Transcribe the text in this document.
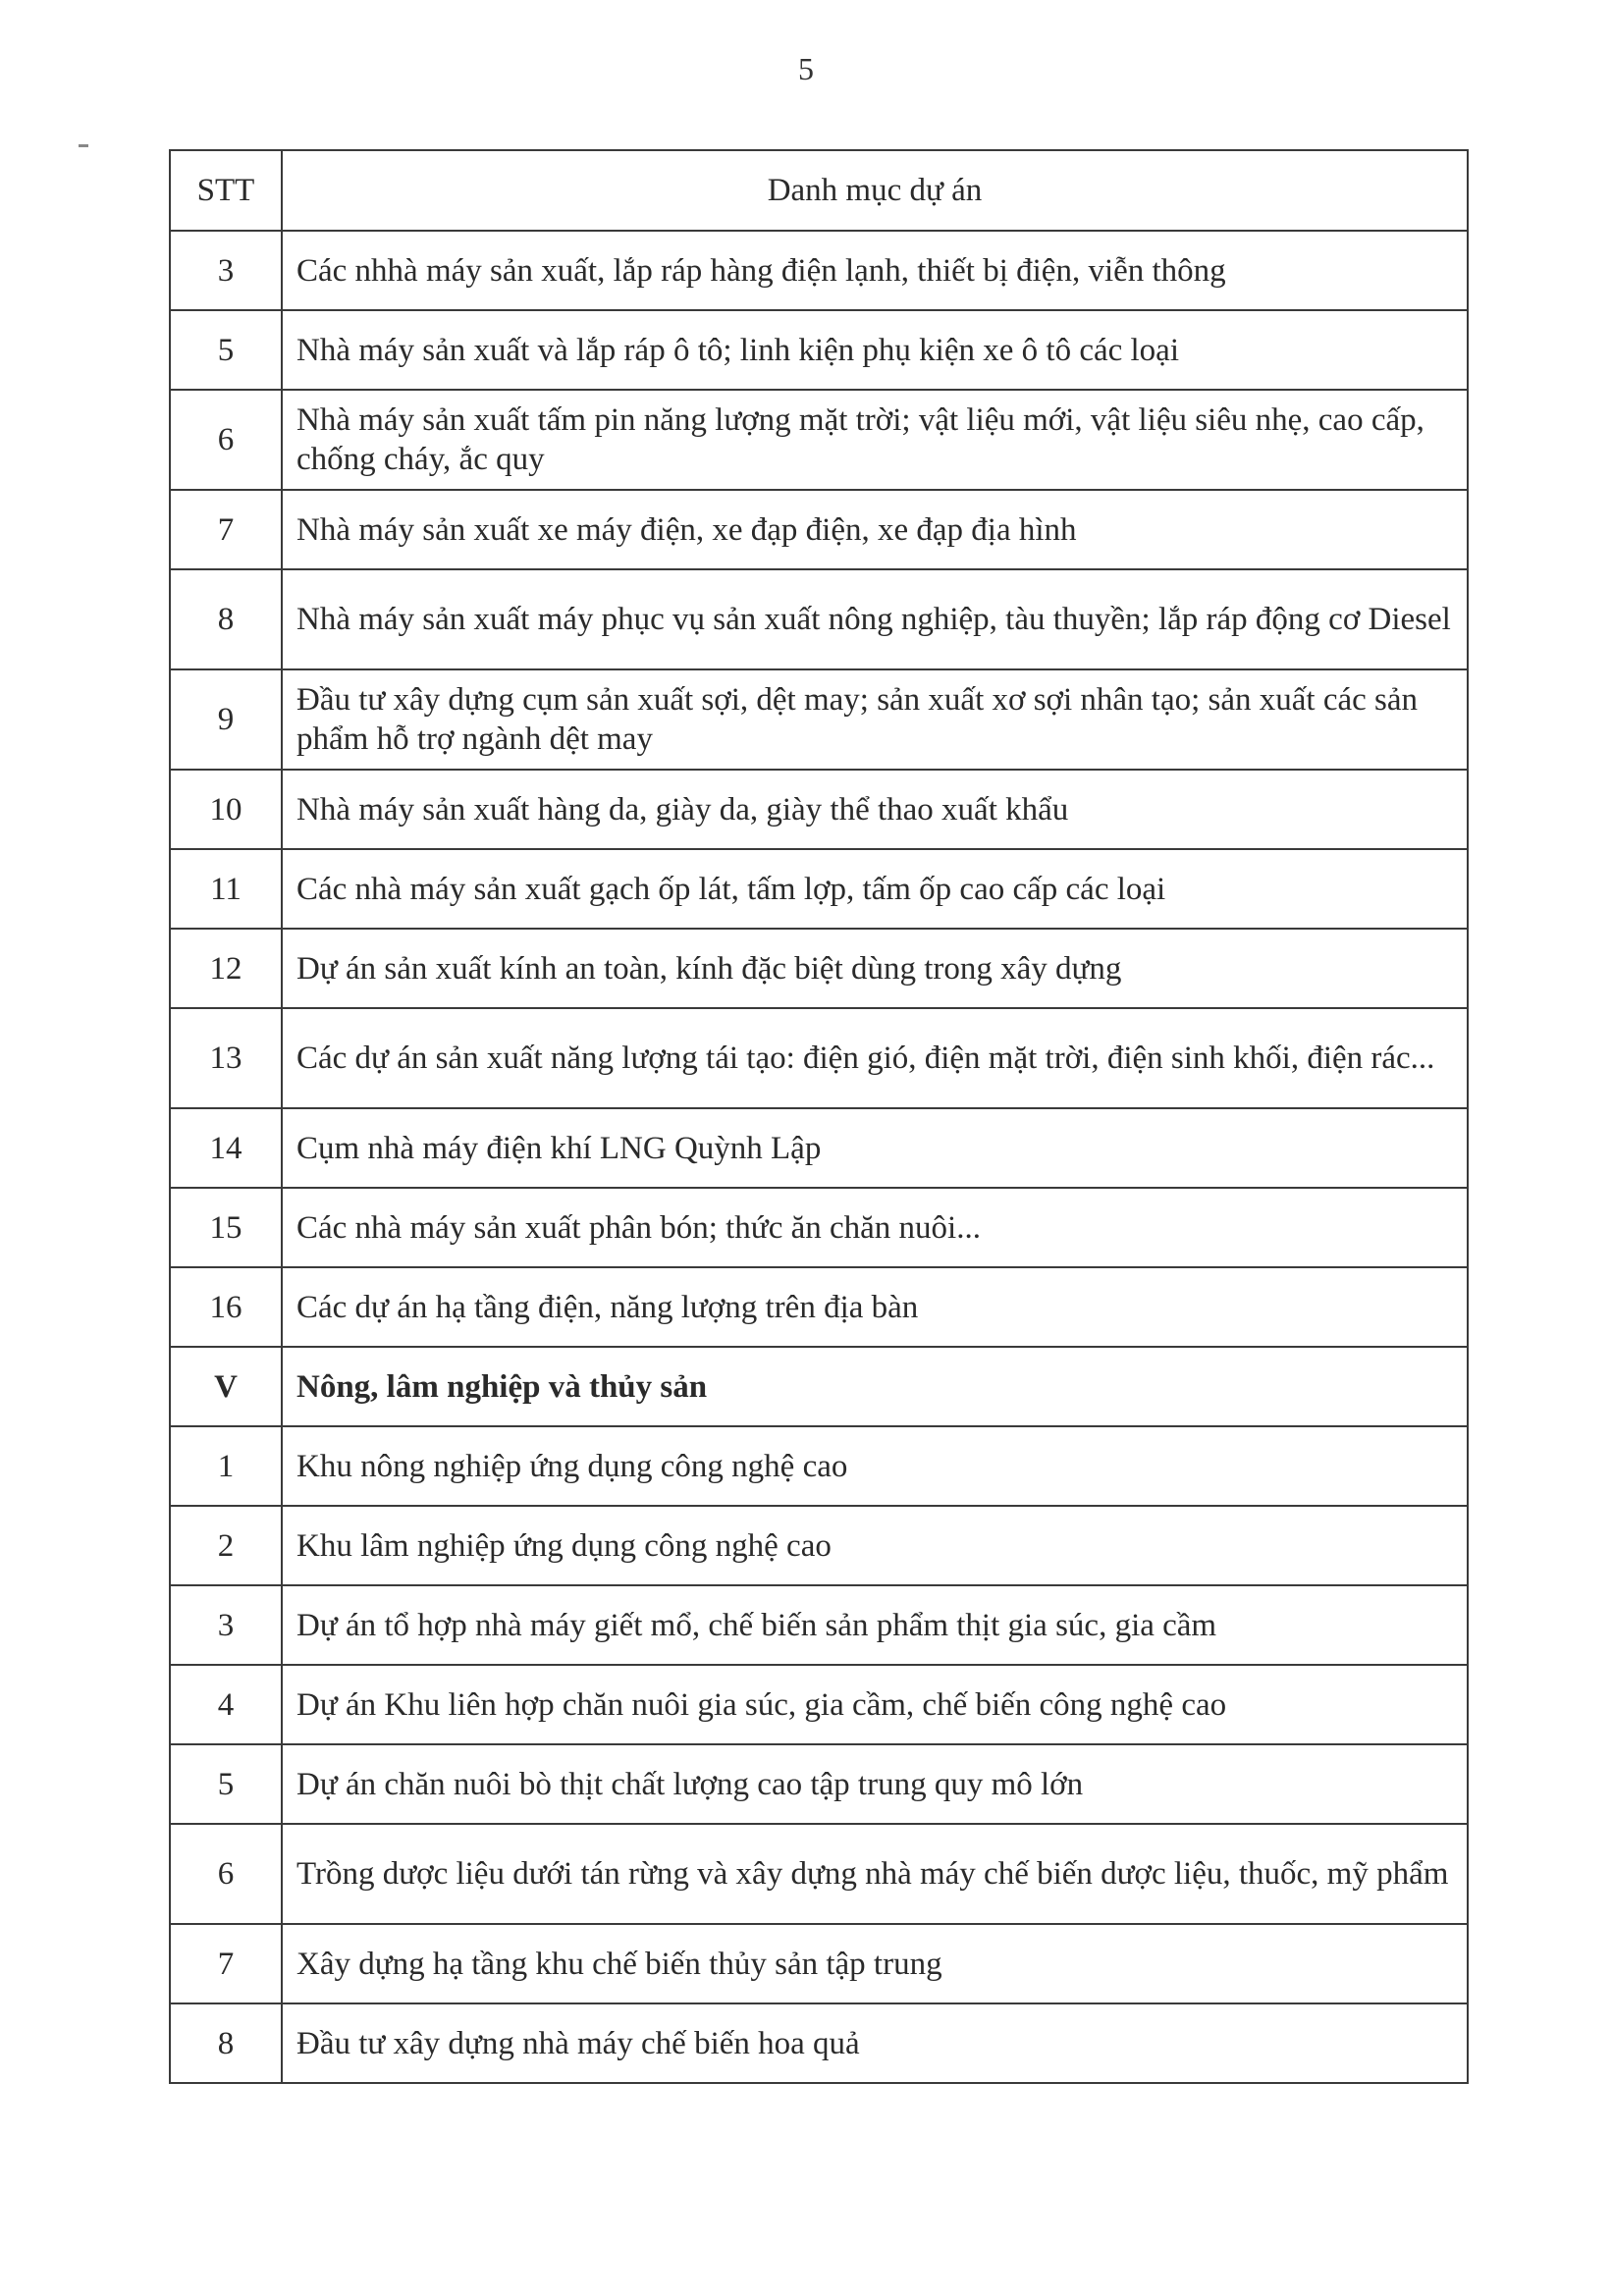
5
STT	Danh mục dự án
3	Các nhhà máy sản xuất, lắp ráp hàng điện lạnh, thiết bị điện, viễn thông
5	Nhà máy sản xuất và lắp ráp ô tô; linh kiện phụ kiện xe ô tô các loại
6	Nhà máy sản xuất tấm pin năng lượng mặt trời; vật liệu mới, vật liệu siêu nhẹ, cao cấp, chống cháy, ắc quy
7	Nhà máy sản xuất xe máy điện, xe đạp điện, xe đạp địa hình
8	Nhà máy sản xuất máy phục vụ sản xuất nông nghiệp, tàu thuyền; lắp ráp động cơ Diesel
9	Đầu tư xây dựng cụm sản xuất sợi, dệt may; sản xuất xơ sợi nhân tạo; sản xuất các sản phẩm hỗ trợ ngành dệt may
10	Nhà máy sản xuất hàng da, giày da, giày thể thao xuất khẩu
11	Các nhà máy sản xuất gạch ốp lát, tấm lợp, tấm ốp cao cấp các loại
12	Dự án sản xuất kính an toàn, kính đặc biệt dùng trong xây dựng
13	Các dự án sản xuất năng lượng tái tạo: điện gió, điện mặt trời, điện sinh khối, điện rác...
14	Cụm nhà máy điện khí LNG Quỳnh Lập
15	Các nhà máy sản xuất phân bón; thức ăn chăn nuôi...
16	Các dự án hạ tầng điện, năng lượng trên địa bàn
V	Nông, lâm nghiệp và thủy sản
1	Khu nông nghiệp ứng dụng công nghệ cao
2	Khu lâm nghiệp ứng dụng công nghệ cao
3	Dự án tổ hợp nhà máy giết mổ, chế biến sản phẩm thịt gia súc, gia cầm
4	Dự án Khu liên hợp chăn nuôi gia súc, gia cầm, chế biến công nghệ cao
5	Dự án chăn nuôi bò thịt chất lượng cao tập trung quy mô lớn
6	Trồng dược liệu dưới tán rừng và xây dựng nhà máy chế biến dược liệu, thuốc, mỹ phẩm
7	Xây dựng hạ tầng khu chế biến thủy sản tập trung
8	Đầu tư xây dựng nhà máy chế biến hoa quả
